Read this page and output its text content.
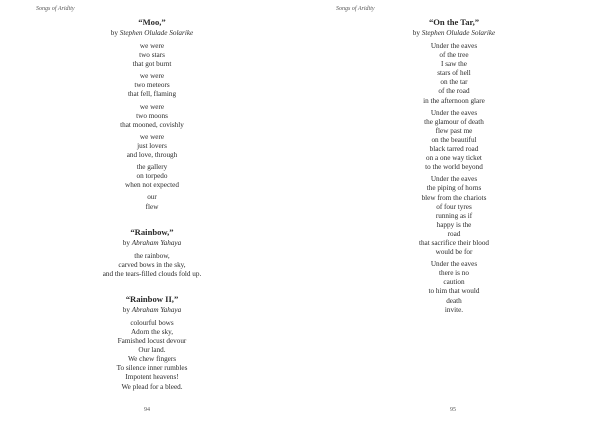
Songs of Aridity
“Moo,”
by Stephen Olulade Solarike
we were
two stars
that got burnt
we were
two meteors
that fell, flaming
we were
two moons
that mooned, covishly
we were
just lovers
and love, through
the gallery
on torpedo
when not expected
our
flew
“Rainbow,”
by Abraham Yahaya
the rainbow,
carved bows in the sky,
and the tears-filled clouds fold up.
“Rainbow II,”
by Abraham Yahaya
colourful bows
Adorn the sky,
Famished locust devour
Our land.
We chew fingers
To silence inner rumbles
Impotent heavens!
We plead for a bleed.
94
Songs of Aridity
“On the Tar,”
by Stephen Olulade Solarike
Under the eaves
of the tree
I saw the
stars of hell
on the tar
of the road
in the afternoon glare
Under the eaves
the glamour of death
flew past me
on the beautiful
black tarred road
on a one way ticket
to the world beyond
Under the eaves
the piping of horns
blew from the chariots
of four tyres
running as if
happy is the
road
that sacrifice their blood
would be for
Under the eaves
there is no
caution
to him that would
death
invite.
95
